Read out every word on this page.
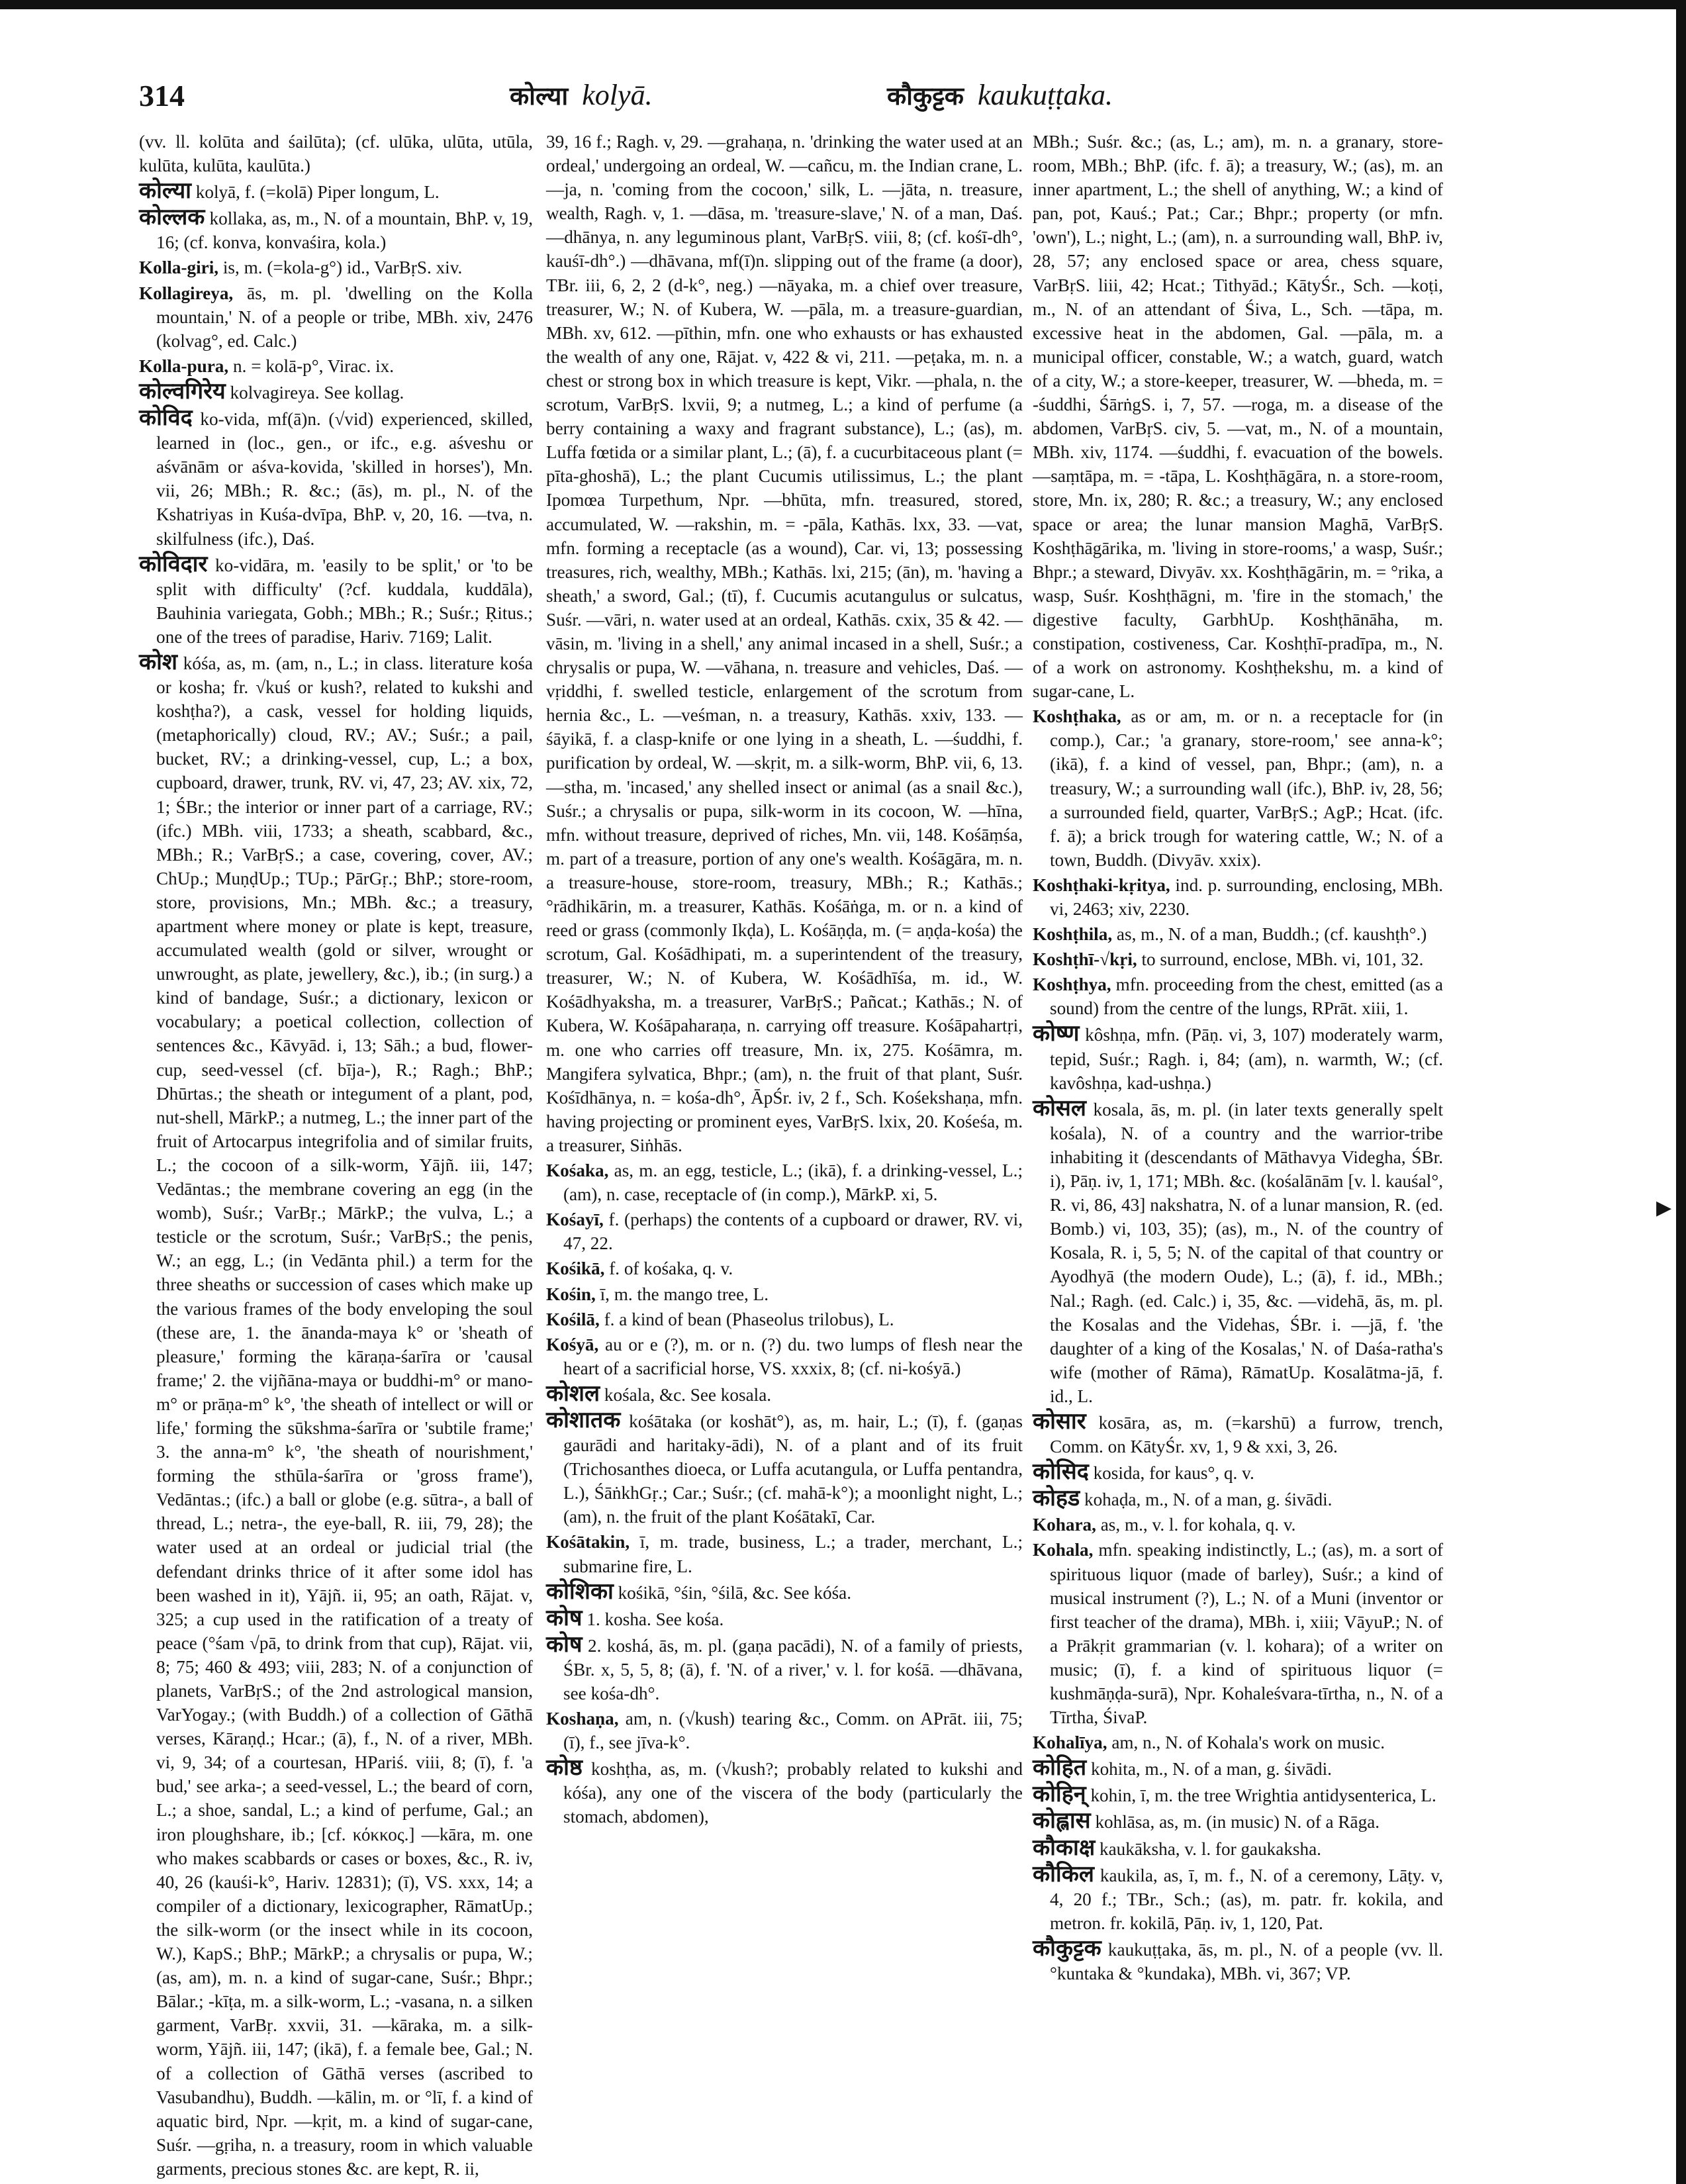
▶
314	कोल्या kolyā.	कौकुट्टक kaukuṭṭaka.

(vv. ll. kolūta and śailūta); (cf. ulūka, ulūta, utūla, kulūta, kulūta, kaulūta.)

कोल्या kolyā, f. (=kolā) Piper longum, L.

कोल्लक kollaka, as, m., N. of a mountain, BhP. v, 19, 16; (cf. konva, konvaśira, kola.)

Kolla-giri, is, m. (=kola-g°) id., VarBṛS. xiv.

Kollagireya, ās, m. pl. 'dwelling on the Kolla mountain,' N. of a people or tribe, MBh. xiv, 2476 (kolvag°, ed. Calc.)

Kolla-pura, n. = kolā-p°, Virac. ix.

कोल्वगिरेय kolvagireya. See kollag.

कोविद ko-vida, mf(ā)n. (√vid) experienced, skilled, learned in (loc., gen., or ifc., e.g. aśveshu or aśvānām or aśva-kovida, 'skilled in horses'), Mn. vii, 26; MBh.; R. &c.; (ās), m. pl., N. of the Kshatriyas in Kuśa-dvīpa, BhP. v, 20, 16. —tva, n. skilfulness (ifc.), Daś.

कोविदार ko-vidāra, m. 'easily to be split,' or 'to be split with difficulty' (?cf. kuddala, kuddāla), Bauhinia variegata, Gobh.; MBh.; R.; Suśr.; Ṛitus.; one of the trees of paradise, Hariv. 7169; Lalit.

कोश kóśa, as, m. (am, n., L.; in class. literature kośa or kosha; fr. √kuś or kush?, related to kukshi and koshṭha?), a cask, vessel for holding liquids, (metaphorically) cloud, RV.; AV.; Suśr.; a pail, bucket, RV.; a drinking-vessel, cup, L.; a box, cupboard, drawer, trunk, RV. vi, 47, 23; AV. xix, 72, 1; ŚBr.; the interior or inner part of a carriage, RV.; (ifc.) MBh. viii, 1733; a sheath, scabbard, &c., MBh.; R.; VarBṛS.; a case, covering, cover, AV.; ChUp.; MuṇḍUp.; TUp.; PārGṛ.; BhP.; store-room, store, provisions, Mn.; MBh. &c.; a treasury, apartment where money or plate is kept, treasure, accumulated wealth (gold or silver, wrought or unwrought, as plate, jewellery, &c.), ib.; (in surg.) a kind of bandage, Suśr.; a dictionary, lexicon or vocabulary; a poetical collection, collection of sentences &c., Kāvyād. i, 13; Sāh.; a bud, flower-cup, seed-vessel (cf. bīja-), R.; Ragh.; BhP.; Dhūrtas.; the sheath or integument of a plant, pod, nut-shell, MārkP.; a nutmeg, L.; the inner part of the fruit of Artocarpus integrifolia and of similar fruits, L.; the cocoon of a silk-worm, Yājñ. iii, 147; Vedāntas.; the membrane covering an egg (in the womb), Suśr.; VarBṛ.; MārkP.; the vulva, L.; a testicle or the scrotum, Suśr.; VarBṛS.; the penis, W.; an egg, L.; (in Vedānta phil.) a term for the three sheaths or succession of cases which make up the various frames of the body enveloping the soul (these are, 1. the ānanda-maya k° or 'sheath of pleasure,' forming the kāraṇa-śarīra or 'causal frame;' 2. the vijñāna-maya or buddhi-m° or mano-m° or prāṇa-m° k°, 'the sheath of intellect or will or life,' forming the sūkshma-śarīra or 'subtile frame;' 3. the anna-m° k°, 'the sheath of nourishment,' forming the sthūla-śarīra or 'gross frame'), Vedāntas.; (ifc.) a ball or globe (e.g. sūtra-, a ball of thread, L.; netra-, the eye-ball, R. iii, 79, 28); the water used at an ordeal or judicial trial (the defendant drinks thrice of it after some idol has been washed in it), Yājñ. ii, 95; an oath, Rājat. v, 325; a cup used in the ratification of a treaty of peace (°śam √pā, to drink from that cup), Rājat. vii, 8; 75; 460 & 493; viii, 283; N. of a conjunction of planets, VarBṛS.; of the 2nd astrological mansion, VarYogay.; (with Buddh.) of a collection of Gāthā verses, Kāraṇḍ.; Hcar.; (ā), f., N. of a river, MBh. vi, 9, 34; of a courtesan, HPariś. viii, 8; (ī), f. 'a bud,' see arka-; a seed-vessel, L.; the beard of corn, L.; a shoe, sandal, L.; a kind of perfume, Gal.; an iron ploughshare, ib.; [cf. κόκκος.] —kāra, m. one who makes scabbards or cases or boxes, &c., R. iv, 40, 26 (kauśi-k°, Hariv. 12831); (ī), VS. xxx, 14; a compiler of a dictionary, lexicographer, RāmatUp.; the silk-worm (or the insect while in its cocoon, W.), KapS.; BhP.; MārkP.; a chrysalis or pupa, W.; (as, am), m. n. a kind of sugar-cane, Suśr.; Bhpr.; Bālar.; -kīṭa, m. a silk-worm, L.; -vasana, n. a silken garment, VarBṛ. xxvii, 31. —kāraka, m. a silk-worm, Yājñ. iii, 147; (ikā), f. a female bee, Gal.; N. of a collection of Gāthā verses (ascribed to Vasubandhu), Buddh. —kālin, m. or °lī, f. a kind of aquatic bird, Npr. —kṛit, m. a kind of sugar-cane, Suśr. —gṛiha, n. a treasury, room in which valuable garments, precious stones &c. are kept, R. ii,

39, 16 f.; Ragh. v, 29. —grahaṇa, n. 'drinking the water used at an ordeal,' undergoing an ordeal, W. —cañcu, m. the Indian crane, L. —ja, n. 'coming from the cocoon,' silk, L. —jāta, n. treasure, wealth, Ragh. v, 1. —dāsa, m. 'treasure-slave,' N. of a man, Daś. —dhānya, n. any leguminous plant, VarBṛS. viii, 8; (cf. kośī-dh°, kauśī-dh°.) —dhāvana, mf(ī)n. slipping out of the frame (a door), TBr. iii, 6, 2, 2 (d-k°, neg.) —nāyaka, m. a chief over treasure, treasurer, W.; N. of Kubera, W. —pāla, m. a treasure-guardian, MBh. xv, 612. —pīthin, mfn. one who exhausts or has exhausted the wealth of any one, Rājat. v, 422 & vi, 211. —peṭaka, m. n. a chest or strong box in which treasure is kept, Vikr. —phala, n. the scrotum, VarBṛS. lxvii, 9; a nutmeg, L.; a kind of perfume (a berry containing a waxy and fragrant substance), L.; (as), m. Luffa fœtida or a similar plant, L.; (ā), f. a cucurbitaceous plant (= pīta-ghoshā), L.; the plant Cucumis utilissimus, L.; the plant Ipomœa Turpethum, Npr. —bhūta, mfn. treasured, stored, accumulated, W. —rakshin, m. = -pāla, Kathās. lxx, 33. —vat, mfn. forming a receptacle (as a wound), Car. vi, 13; possessing treasures, rich, wealthy, MBh.; Kathās. lxi, 215; (ān), m. 'having a sheath,' a sword, Gal.; (tī), f. Cucumis acutangulus or sulcatus, Suśr. —vāri, n. water used at an ordeal, Kathās. cxix, 35 & 42. —vāsin, m. 'living in a shell,' any animal incased in a shell, Suśr.; a chrysalis or pupa, W. —vāhana, n. treasure and vehicles, Daś. —vṛiddhi, f. swelled testicle, enlargement of the scrotum from hernia &c., L. —veśman, n. a treasury, Kathās. xxiv, 133. —śāyikā, f. a clasp-knife or one lying in a sheath, L. —śuddhi, f. purification by ordeal, W. —skṛit, m. a silk-worm, BhP. vii, 6, 13. —stha, m. 'incased,' any shelled insect or animal (as a snail &c.), Suśr.; a chrysalis or pupa, silk-worm in its cocoon, W. —hīna, mfn. without treasure, deprived of riches, Mn. vii, 148. Kośāṃśa, m. part of a treasure, portion of any one's wealth. Kośāgāra, m. n. a treasure-house, store-room, treasury, MBh.; R.; Kathās.; °rādhikārin, m. a treasurer, Kathās. Kośāṅga, m. or n. a kind of reed or grass (commonly Ikḍa), L. Kośāṇḍa, m. (= aṇḍa-kośa) the scrotum, Gal. Kośādhipati, m. a superintendent of the treasury, treasurer, W.; N. of Kubera, W. Kośādhīśa, m. id., W. Kośādhyaksha, m. a treasurer, VarBṛS.; Pañcat.; Kathās.; N. of Kubera, W. Kośāpaharaṇa, n. carrying off treasure. Kośāpahartṛi, m. one who carries off treasure, Mn. ix, 275. Kośāmra, m. Mangifera sylvatica, Bhpr.; (am), n. the fruit of that plant, Suśr. Kośīdhānya, n. = kośa-dh°, ĀpŚr. iv, 2 f., Sch. Kośekshaṇa, mfn. having projecting or prominent eyes, VarBṛS. lxix, 20. Kośeśa, m. a treasurer, Siṅhās.

Kośaka, as, m. an egg, testicle, L.; (ikā), f. a drinking-vessel, L.; (am), n. case, receptacle of (in comp.), MārkP. xi, 5.

Kośayī, f. (perhaps) the contents of a cupboard or drawer, RV. vi, 47, 22.

Kośikā, f. of kośaka, q. v.

Kośin, ī, m. the mango tree, L.

Kośilā, f. a kind of bean (Phaseolus trilobus), L.

Kośyā, au or e (?), m. or n. (?) du. two lumps of flesh near the heart of a sacrificial horse, VS. xxxix, 8; (cf. ni-kośyā.)

कोशल kośala, &c. See kosala.

कोशातक kośātaka (or koshāt°), as, m. hair, L.; (ī), f. (gaṇas gaurādi and haritaky-ādi), N. of a plant and of its fruit (Trichosanthes dioeca, or Luffa acutangula, or Luffa pentandra, L.), ŚāṅkhGṛ.; Car.; Suśr.; (cf. mahā-k°); a moonlight night, L.; (am), n. the fruit of the plant Kośātakī, Car.

Kośātakin, ī, m. trade, business, L.; a trader, merchant, L.; submarine fire, L.

कोशिका kośikā, °śin, °śilā, &c. See kóśa.

कोष 1. kosha. See kośa.

कोष 2. koshá, ās, m. pl. (gaṇa pacādi), N. of a family of priests, ŚBr. x, 5, 5, 8; (ā), f. 'N. of a river,' v. l. for kośā. —dhāvana, see kośa-dh°.

Koshaṇa, am, n. (√kush) tearing &c., Comm. on APrāt. iii, 75; (ī), f., see jīva-k°.

कोष्ठ koshṭha, as, m. (√kush?; probably related to kukshi and kóśa), any one of the viscera of the body (particularly the stomach, abdomen),

MBh.; Suśr. &c.; (as, L.; am), m. n. a granary, store-room, MBh.; BhP. (ifc. f. ā); a treasury, W.; (as), m. an inner apartment, L.; the shell of anything, W.; a kind of pan, pot, Kauś.; Pat.; Car.; Bhpr.; property (or mfn. 'own'), L.; night, L.; (am), n. a surrounding wall, BhP. iv, 28, 57; any enclosed space or area, chess square, VarBṛS. liii, 42; Hcat.; Tithyād.; KātyŚr., Sch. —koṭi, m., N. of an attendant of Śiva, L., Sch. —tāpa, m. excessive heat in the abdomen, Gal. —pāla, m. a municipal officer, constable, W.; a watch, guard, watch of a city, W.; a store-keeper, treasurer, W. —bheda, m. = -śuddhi, ŚārṅgS. i, 7, 57. —roga, m. a disease of the abdomen, VarBṛS. civ, 5. —vat, m., N. of a mountain, MBh. xiv, 1174. —śuddhi, f. evacuation of the bowels. —saṃtāpa, m. = -tāpa, L. Koshṭhāgāra, n. a store-room, store, Mn. ix, 280; R. &c.; a treasury, W.; any enclosed space or area; the lunar mansion Maghā, VarBṛS. Koshṭhāgārika, m. 'living in store-rooms,' a wasp, Suśr.; Bhpr.; a steward, Divyāv. xx. Koshṭhāgārin, m. = °rika, a wasp, Suśr. Koshṭhāgni, m. 'fire in the stomach,' the digestive faculty, GarbhUp. Koshṭhānāha, m. constipation, costiveness, Car. Koshṭhī-pradīpa, m., N. of a work on astronomy. Koshṭhekshu, m. a kind of sugar-cane, L.

Koshṭhaka, as or am, m. or n. a receptacle for (in comp.), Car.; 'a granary, store-room,' see anna-k°; (ikā), f. a kind of vessel, pan, Bhpr.; (am), n. a treasury, W.; a surrounding wall (ifc.), BhP. iv, 28, 56; a surrounded field, quarter, VarBṛS.; AgP.; Hcat. (ifc. f. ā); a brick trough for watering cattle, W.; N. of a town, Buddh. (Divyāv. xxix).

Koshṭhaki-kṛitya, ind. p. surrounding, enclosing, MBh. vi, 2463; xiv, 2230.

Koshṭhila, as, m., N. of a man, Buddh.; (cf. kaushṭh°.)

Koshṭhī-√kṛi, to surround, enclose, MBh. vi, 101, 32.

Koshṭhya, mfn. proceeding from the chest, emitted (as a sound) from the centre of the lungs, RPrāt. xiii, 1.

कोष्ण kôshṇa, mfn. (Pāṇ. vi, 3, 107) moderately warm, tepid, Suśr.; Ragh. i, 84; (am), n. warmth, W.; (cf. kavôshṇa, kad-ushṇa.)

कोसल kosala, ās, m. pl. (in later texts generally spelt kośala), N. of a country and the warrior-tribe inhabiting it (descendants of Māthavya Videgha, ŚBr. i), Pāṇ. iv, 1, 171; MBh. &c. (kośalānām [v. l. kauśal°, R. vi, 86, 43] nakshatra, N. of a lunar mansion, R. (ed. Bomb.) vi, 103, 35); (as), m., N. of the country of Kosala, R. i, 5, 5; N. of the capital of that country or Ayodhyā (the modern Oude), L.; (ā), f. id., MBh.; Nal.; Ragh. (ed. Calc.) i, 35, &c. —videhā, ās, m. pl. the Kosalas and the Videhas, ŚBr. i. —jā, f. 'the daughter of a king of the Kosalas,' N. of Daśa-ratha's wife (mother of Rāma), RāmatUp. Kosalātma-jā, f. id., L.

कोसार kosāra, as, m. (=karshū) a furrow, trench, Comm. on KātyŚr. xv, 1, 9 & xxi, 3, 26.

कोसिद kosida, for kaus°, q. v.

कोहड kohaḍa, m., N. of a man, g. śivādi.

Kohara, as, m., v. l. for kohala, q. v.

Kohala, mfn. speaking indistinctly, L.; (as), m. a sort of spirituous liquor (made of barley), Suśr.; a kind of musical instrument (?), L.; N. of a Muni (inventor or first teacher of the drama), MBh. i, xiii; VāyuP.; N. of a Prākṛit grammarian (v. l. kohara); of a writer on music; (ī), f. a kind of spirituous liquor (= kushmāṇḍa-surā), Npr. Kohaleśvara-tīrtha, n., N. of a Tīrtha, ŚivaP.

Kohalīya, am, n., N. of Kohala's work on music.

कोहित kohita, m., N. of a man, g. śivādi.

कोहिन् kohin, ī, m. the tree Wrightia antidysenterica, L.

कोह्लास kohlāsa, as, m. (in music) N. of a Rāga.

कौकाक्ष kaukāksha, v. l. for gaukaksha.

कौकिल kaukila, as, ī, m. f., N. of a ceremony, Lāṭy. v, 4, 20 f.; TBr., Sch.; (as), m. patr. fr. kokila, and metron. fr. kokilā, Pāṇ. iv, 1, 120, Pat.

कौकुट्टक kaukuṭṭaka, ās, m. pl., N. of a people (vv. ll. °kuntaka & °kundaka), MBh. vi, 367; VP.
